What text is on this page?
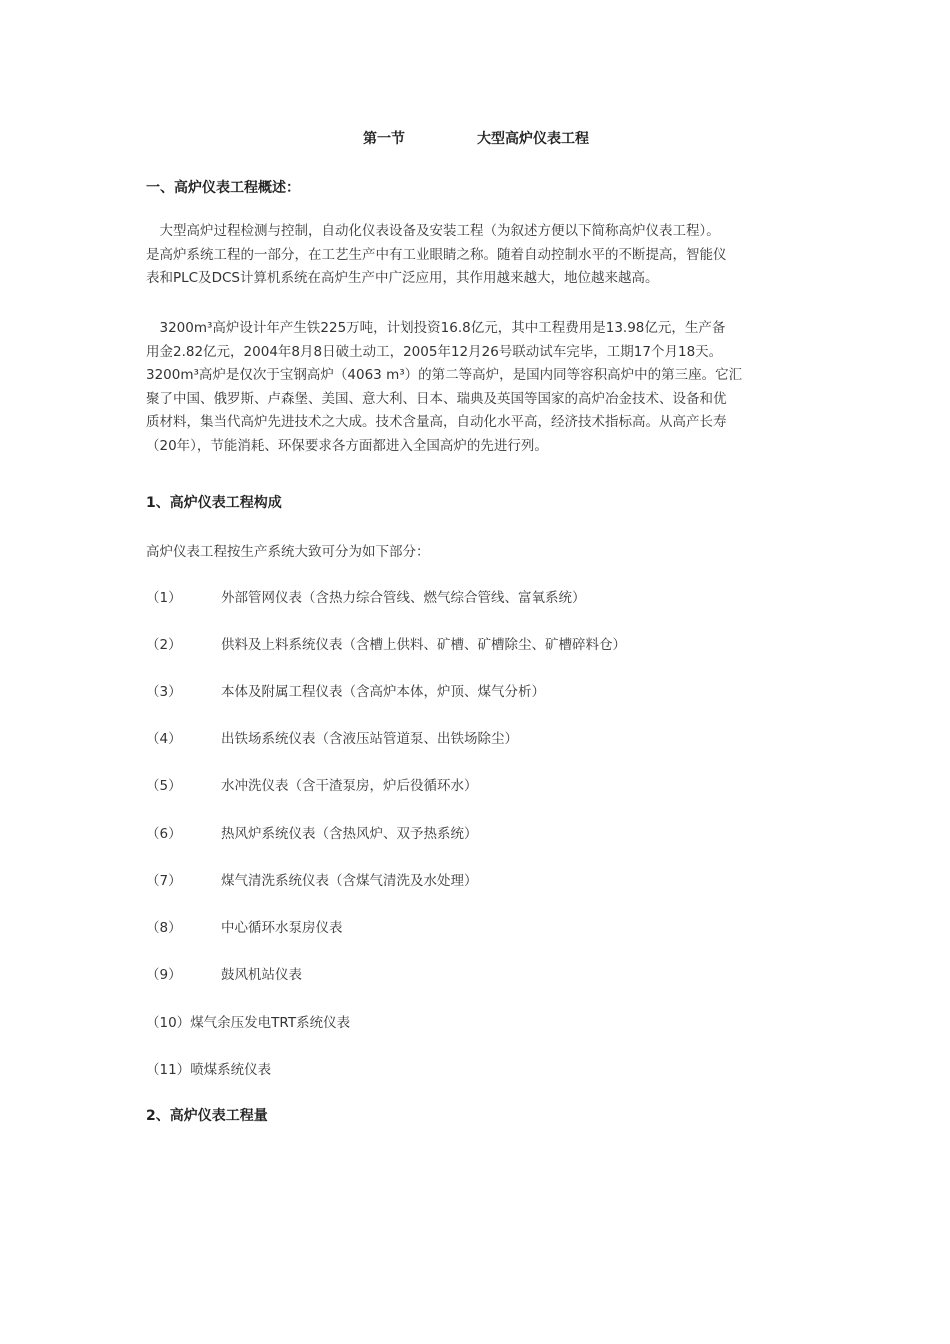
第一节	大型高炉仪表工程
一、高炉仪表工程概述：
　大型高炉过程检测与控制，自动化仪表设备及安装工程（为叙述方便以下简称高炉仪表工程）。
是高炉系统工程的一部分，在工艺生产中有工业眼睛之称。随着自动控制水平的不断提高，智能仪
表和PLC及DCS计算机系统在高炉生产中广泛应用，其作用越来越大，地位越来越高。
　3200m³高炉设计年产生铁225万吨，计划投资16.8亿元，其中工程费用是13.98亿元，生产备
用金2.82亿元，2004年8月8日破土动工，2005年12月26号联动试车完毕，工期17个月18天。
3200m³高炉是仅次于宝钢高炉（4063 m³）的第二等高炉，是国内同等容积高炉中的第三座。它汇
聚了中国、俄罗斯、卢森堡、美国、意大利、日本、瑞典及英国等国家的高炉冶金技术、设备和优
质材料，集当代高炉先进技术之大成。技术含量高，自动化水平高，经济技术指标高。从高产长寿
（20年），节能消耗、环保要求各方面都进入全国高炉的先进行列。
1、高炉仪表工程构成
高炉仪表工程按生产系统大致可分为如下部分：
（1）	外部管网仪表（含热力综合管线、燃气综合管线、富氧系统）
（2）	供料及上料系统仪表（含槽上供料、矿槽、矿槽除尘、矿槽碎料仓）
（3）	本体及附属工程仪表（含高炉本体，炉顶、煤气分析）
（4）	出铁场系统仪表（含液压站管道泵、出铁场除尘）
（5）	水冲洗仪表（含干渣泵房，炉后役循环水）
（6）	热风炉系统仪表（含热风炉、双予热系统）
（7）	煤气清洗系统仪表（含煤气清洗及水处理）
（8）	中心循环水泵房仪表
（9）	鼓风机站仪表
（10）煤气余压发电TRT系统仪表
（11）喷煤系统仪表
2、高炉仪表工程量
